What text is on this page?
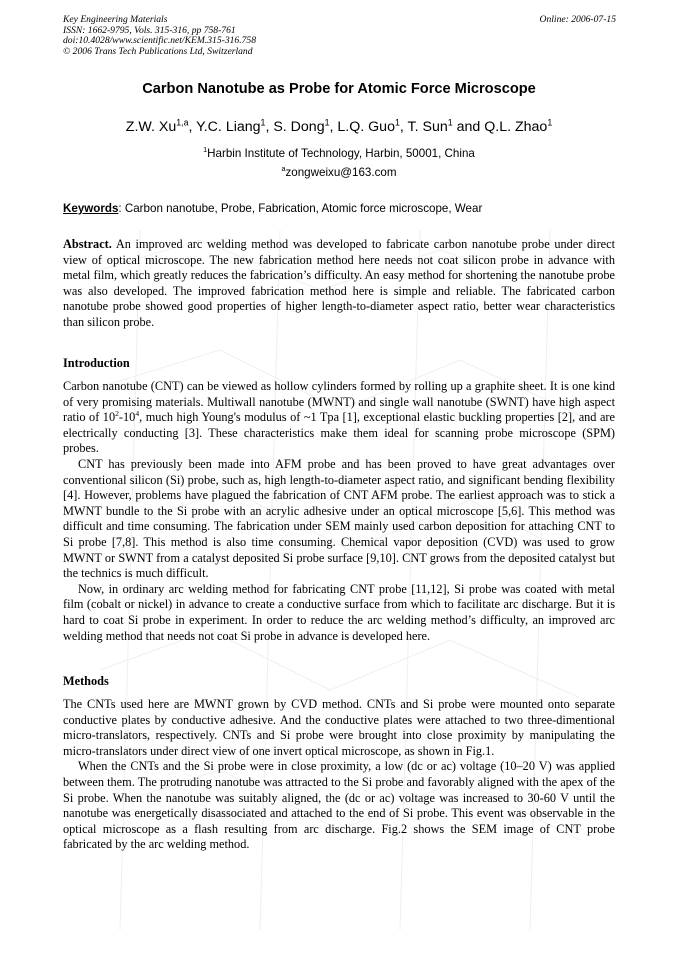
Key Engineering Materials
ISSN: 1662-9795, Vols. 315-316, pp 758-761
doi:10.4028/www.scientific.net/KEM.315-316.758
© 2006 Trans Tech Publications Ltd, Switzerland
Online: 2006-07-15
Carbon Nanotube as Probe for Atomic Force Microscope
Z.W. Xu$^{1,a}$, Y.C. Liang$^1$, S. Dong$^1$, L.Q. Guo$^1$, T. Sun$^1$ and Q.L. Zhao$^1$
$^1$Harbin Institute of Technology, Harbin, 50001, China
$^a$zongweixu@163.com
Keywords: Carbon nanotube, Probe, Fabrication, Atomic force microscope, Wear

Abstract. An improved arc welding method was developed to fabricate carbon nanotube probe under direct view of optical microscope. The new fabrication method here needs not coat silicon probe in advance with metal film, which greatly reduces the fabrication’s difficulty. An easy method for shortening the nanotube probe was also developed. The improved fabrication method here is simple and reliable. The fabricated carbon nanotube probe showed good properties of higher length-to-diameter aspect ratio, better wear characteristics than silicon probe.

Introduction

Carbon nanotube (CNT) can be viewed as hollow cylinders formed by rolling up a graphite sheet. It is one kind of very promising materials. Multiwall nanotube (MWNT) and single wall nanotube (SWNT) have high aspect ratio of $10^2-10^4$, much high Young's modulus of ~1 Tpa [1], exceptional elastic buckling properties [2], and are electrically conducting [3]. These characteristics make them ideal for scanning probe microscope (SPM) probes.

CNT has previously been made into AFM probe and has been proved to have great advantages over conventional silicon (Si) probe, such as, high length-to-diameter aspect ratio, and significant bending flexibility [4]. However, problems have plagued the fabrication of CNT AFM probe. The earliest approach was to stick a MWNT bundle to the Si probe with an acrylic adhesive under an optical microscope [5,6]. This method was difficult and time consuming. The fabrication under SEM mainly used carbon deposition for attaching CNT to Si probe [7,8]. This method is also time consuming. Chemical vapor deposition (CVD) was used to grow MWNT or SWNT from a catalyst deposited Si probe surface [9,10]. CNT grows from the deposited catalyst but the technics is much difficult.

Now, in ordinary arc welding method for fabricating CNT probe [11,12], Si probe was coated with metal film (cobalt or nickel) in advance to create a conductive surface from which to facilitate arc discharge. But it is hard to coat Si probe in experiment. In order to reduce the arc welding method’s difficulty, an improved arc welding method that needs not coat Si probe in advance is developed here.

Methods

The CNTs used here are MWNT grown by CVD method. CNTs and Si probe were mounted onto separate conductive plates by conductive adhesive. And the conductive plates were attached to two three-dimentional micro-translators, respectively. CNTs and Si probe were brought into close proximity by manipulating the micro-translators under direct view of one invert optical microscope, as shown in Fig.1.

When the CNTs and the Si probe were in close proximity, a low (dc or ac) voltage (10–20 V) was applied between them. The protruding nanotube was attracted to the Si probe and favorably aligned with the apex of the Si probe. When the nanotube was suitably aligned, the (dc or ac) voltage was increased to 30-60 V until the nanotube was energetically disassociated and attached to the end of Si probe. This event was observable in the optical microscope as a flash resulting from arc discharge. Fig.2 shows the SEM image of CNT probe fabricated by the arc welding method.
